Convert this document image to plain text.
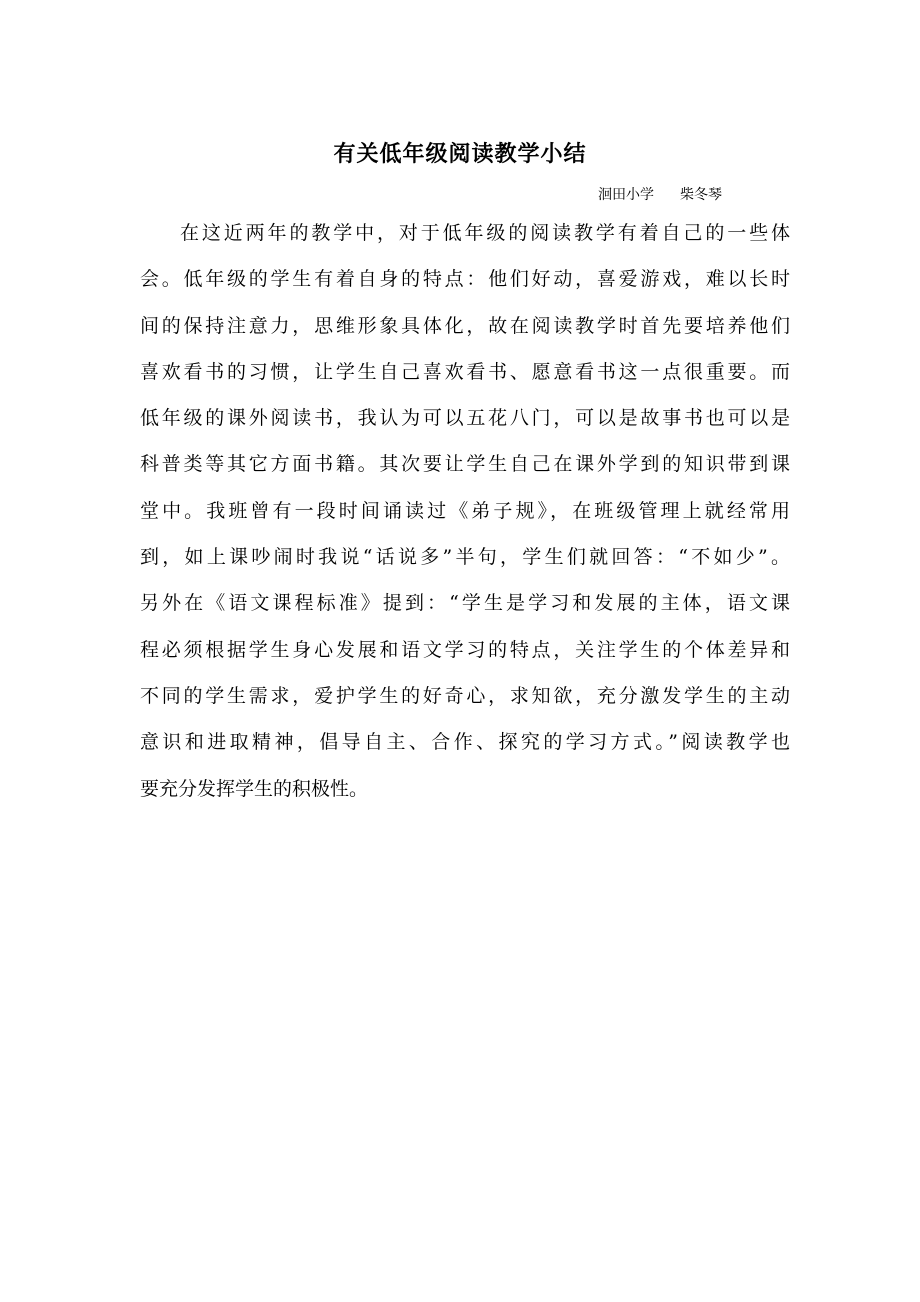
有关低年级阅读教学小结
洄田小学 柴冬琴
在这近两年的教学中，对于低年级的阅读教学有着自己的一些体
会。低年级的学生有着自身的特点：他们好动，喜爱游戏，难以长时
间的保持注意力，思维形象具体化，故在阅读教学时首先要培养他们
喜欢看书的习惯，让学生自己喜欢看书、愿意看书这一点很重要。而
低年级的课外阅读书，我认为可以五花八门，可以是故事书也可以是
科普类等其它方面书籍。其次要让学生自己在课外学到的知识带到课
堂中。我班曾有一段时间诵读过《弟子规》，在班级管理上就经常用
到，如上课吵闹时我说“话说多”半句，学生们就回答：“不如少”。
另外在《语文课程标准》提到：“学生是学习和发展的主体，语文课
程必须根据学生身心发展和语文学习的特点，关注学生的个体差异和
不同的学生需求，爱护学生的好奇心，求知欲，充分激发学生的主动
意识和进取精神，倡导自主、合作、探究的学习方式。”阅读教学也
要充分发挥学生的积极性。
